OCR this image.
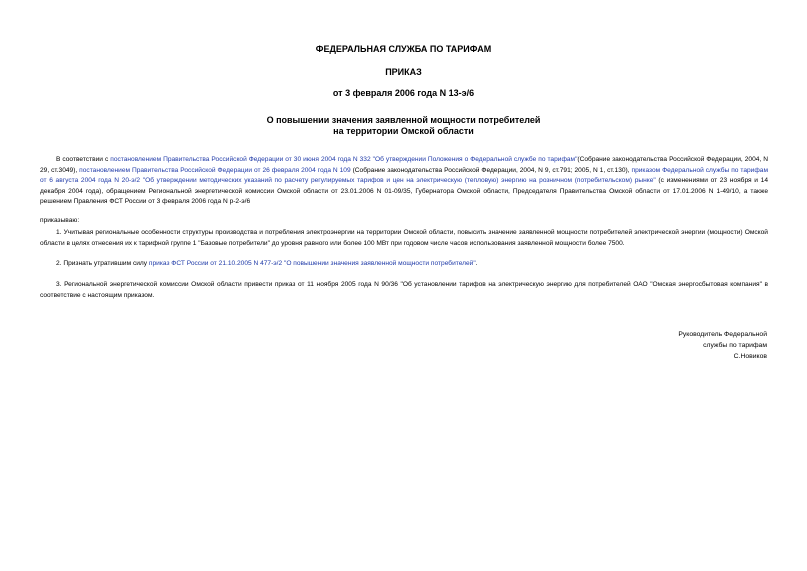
ФЕДЕРАЛЬНАЯ СЛУЖБА ПО ТАРИФАМ
ПРИКАЗ
от 3 февраля 2006 года N 13-э/6
О повышении значения заявленной мощности потребителей
на территории Омской области
В соответствии с постановлением Правительства Российской Федерации от 30 июня 2004 года N 332 "Об утверждении Положения о Федеральной службе по тарифам"(Собрание законодательства Российской Федерации, 2004, N 29, ст.3049), постановлением Правительства Российской Федерации от 26 февраля 2004 года N 109 (Собрание законодательства Российской Федерации, 2004, N 9, ст.791; 2005, N 1, ст.130), приказом Федеральной службы по тарифам от 6 августа 2004 года N 20-э/2 "Об утверждении методических указаний по расчету регулируемых тарифов и цен на электрическую (тепловую) энергию на розничном (потребительском) рынке" (с изменениями от 23 ноября и 14 декабря 2004 года), обращением Региональной энергетической комиссии Омской области от 23.01.2006 N 01-09/35, Губернатора Омской области, Председателя Правительства Омской области от 17.01.2006 N 1-49/10, а также решением Правления ФСТ России от 3 февраля 2006 года N р-2-э/6
приказываю:
1. Учитывая региональные особенности структуры производства и потребления электроэнергии на территории Омской области, повысить значение заявленной мощности потребителей электрической энергии (мощности) Омской области в целях отнесения их к тарифной группе 1 "Базовые потребители" до уровня равного или более 100 МВт при годовом числе часов использования заявленной мощности более 7500.
2. Признать утратившим силу приказ ФСТ России от 21.10.2005 N 477-э/2 "О повышении значения заявленной мощности потребителей".
3. Региональной энергетической комиссии Омской области привести приказ от 11 ноября 2005 года N 90/36 "Об установлении тарифов на электрическую энергию для потребителей ОАО "Омская энергосбытовая компания" в соответствие с настоящим приказом.
Руководитель Федеральной
службы по тарифам
С.Новиков
